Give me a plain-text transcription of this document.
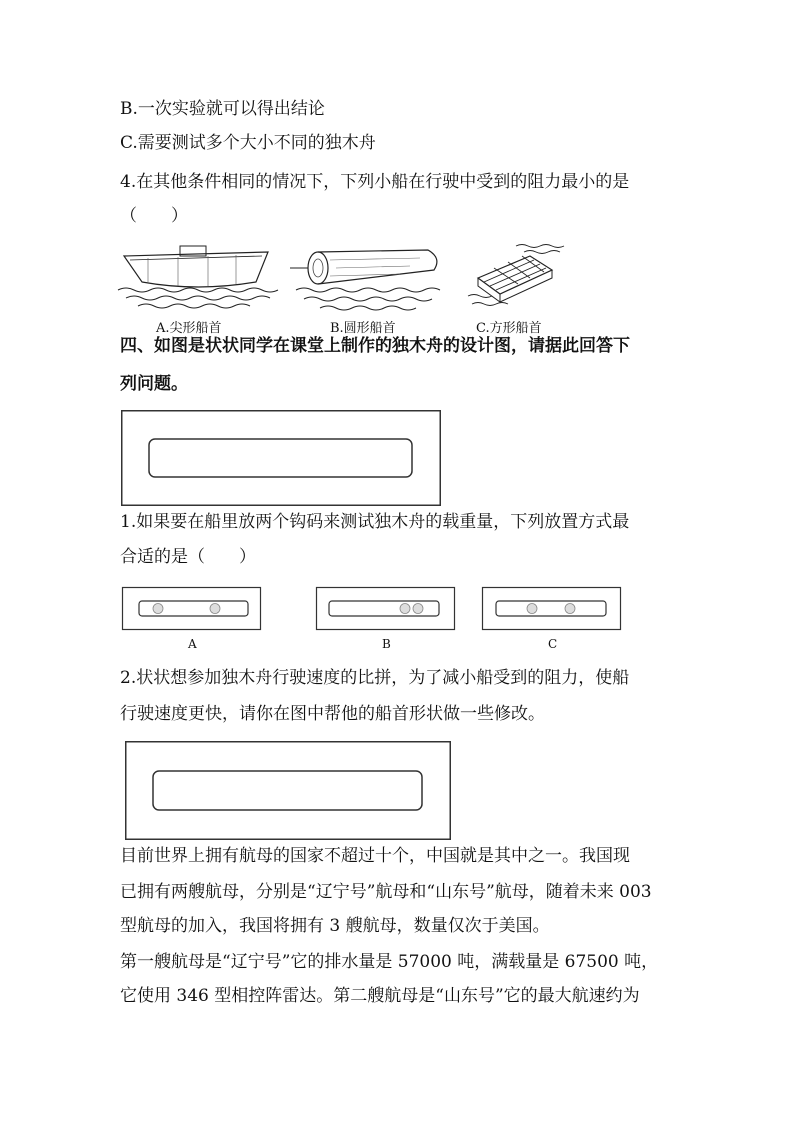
B.一次实验就可以得出结论
C.需要测试多个大小不同的独木舟
4.在其他条件相同的情况下，下列小船在行驶中受到的阻力最小的是
（　　）
A.尖形船首	B.圆形船首	C.方形船首
四、如图是状状同学在课堂上制作的独木舟的设计图，请据此回答下
列问题。
1.如果要在船里放两个钩码来测试独木舟的载重量，下列放置方式最
合适的是（　　）
A	B	C
2.状状想参加独木舟行驶速度的比拼，为了减小船受到的阻力，使船
行驶速度更快，请你在图中帮他的船首形状做一些修改。
目前世界上拥有航母的国家不超过十个，中国就是其中之一。我国现
已拥有两艘航母，分别是“辽宁号”航母和“山东号”航母，随着未来 003
型航母的加入，我国将拥有 3 艘航母，数量仅次于美国。
第一艘航母是“辽宁号”它的排水量是 57000 吨，满载量是 67500 吨，
它使用 346 型相控阵雷达。第二艘航母是“山东号”它的最大航速约为
